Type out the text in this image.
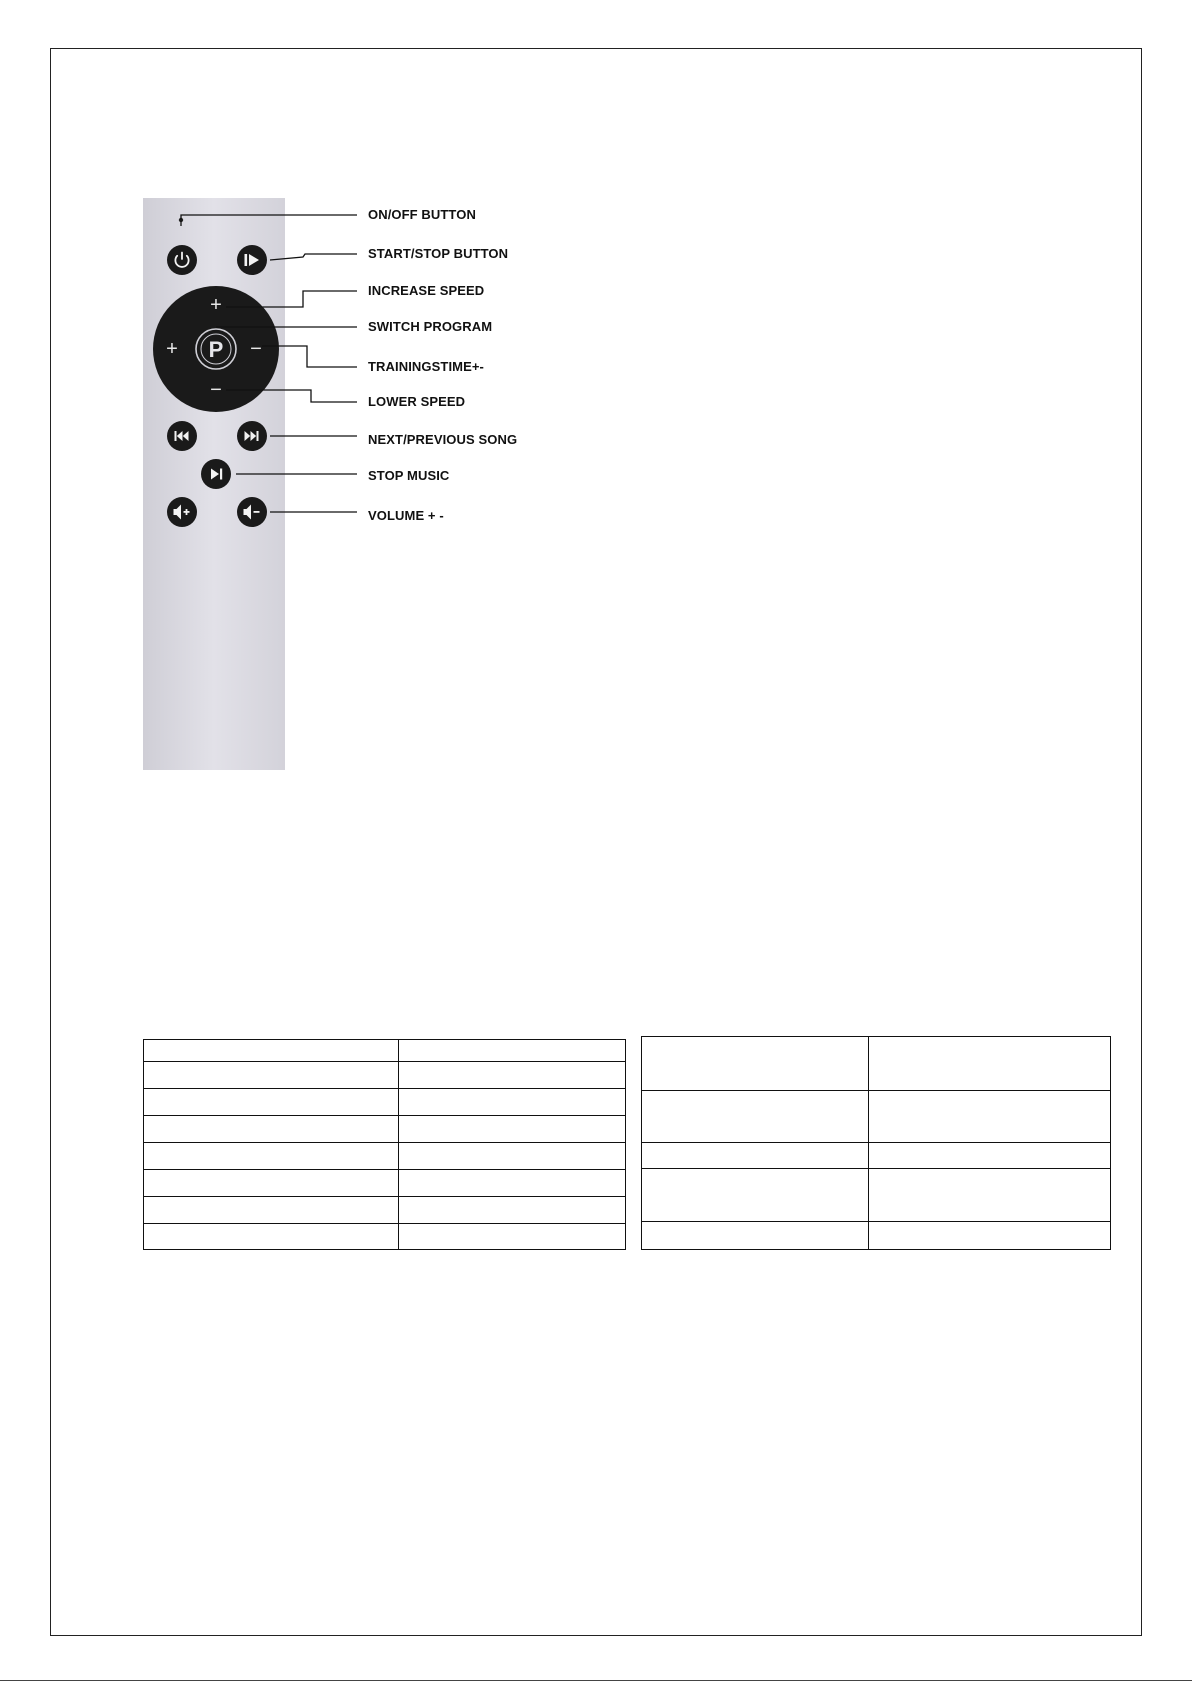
+
+	−
−
P
ON/OFF BUTTON
START/STOP BUTTON
INCREASE SPEED
SWITCH PROGRAM
TRAININGSTIME+-
LOWER SPEED
NEXT/PREVIOUS SONG
STOP MUSIC
VOLUME + -
